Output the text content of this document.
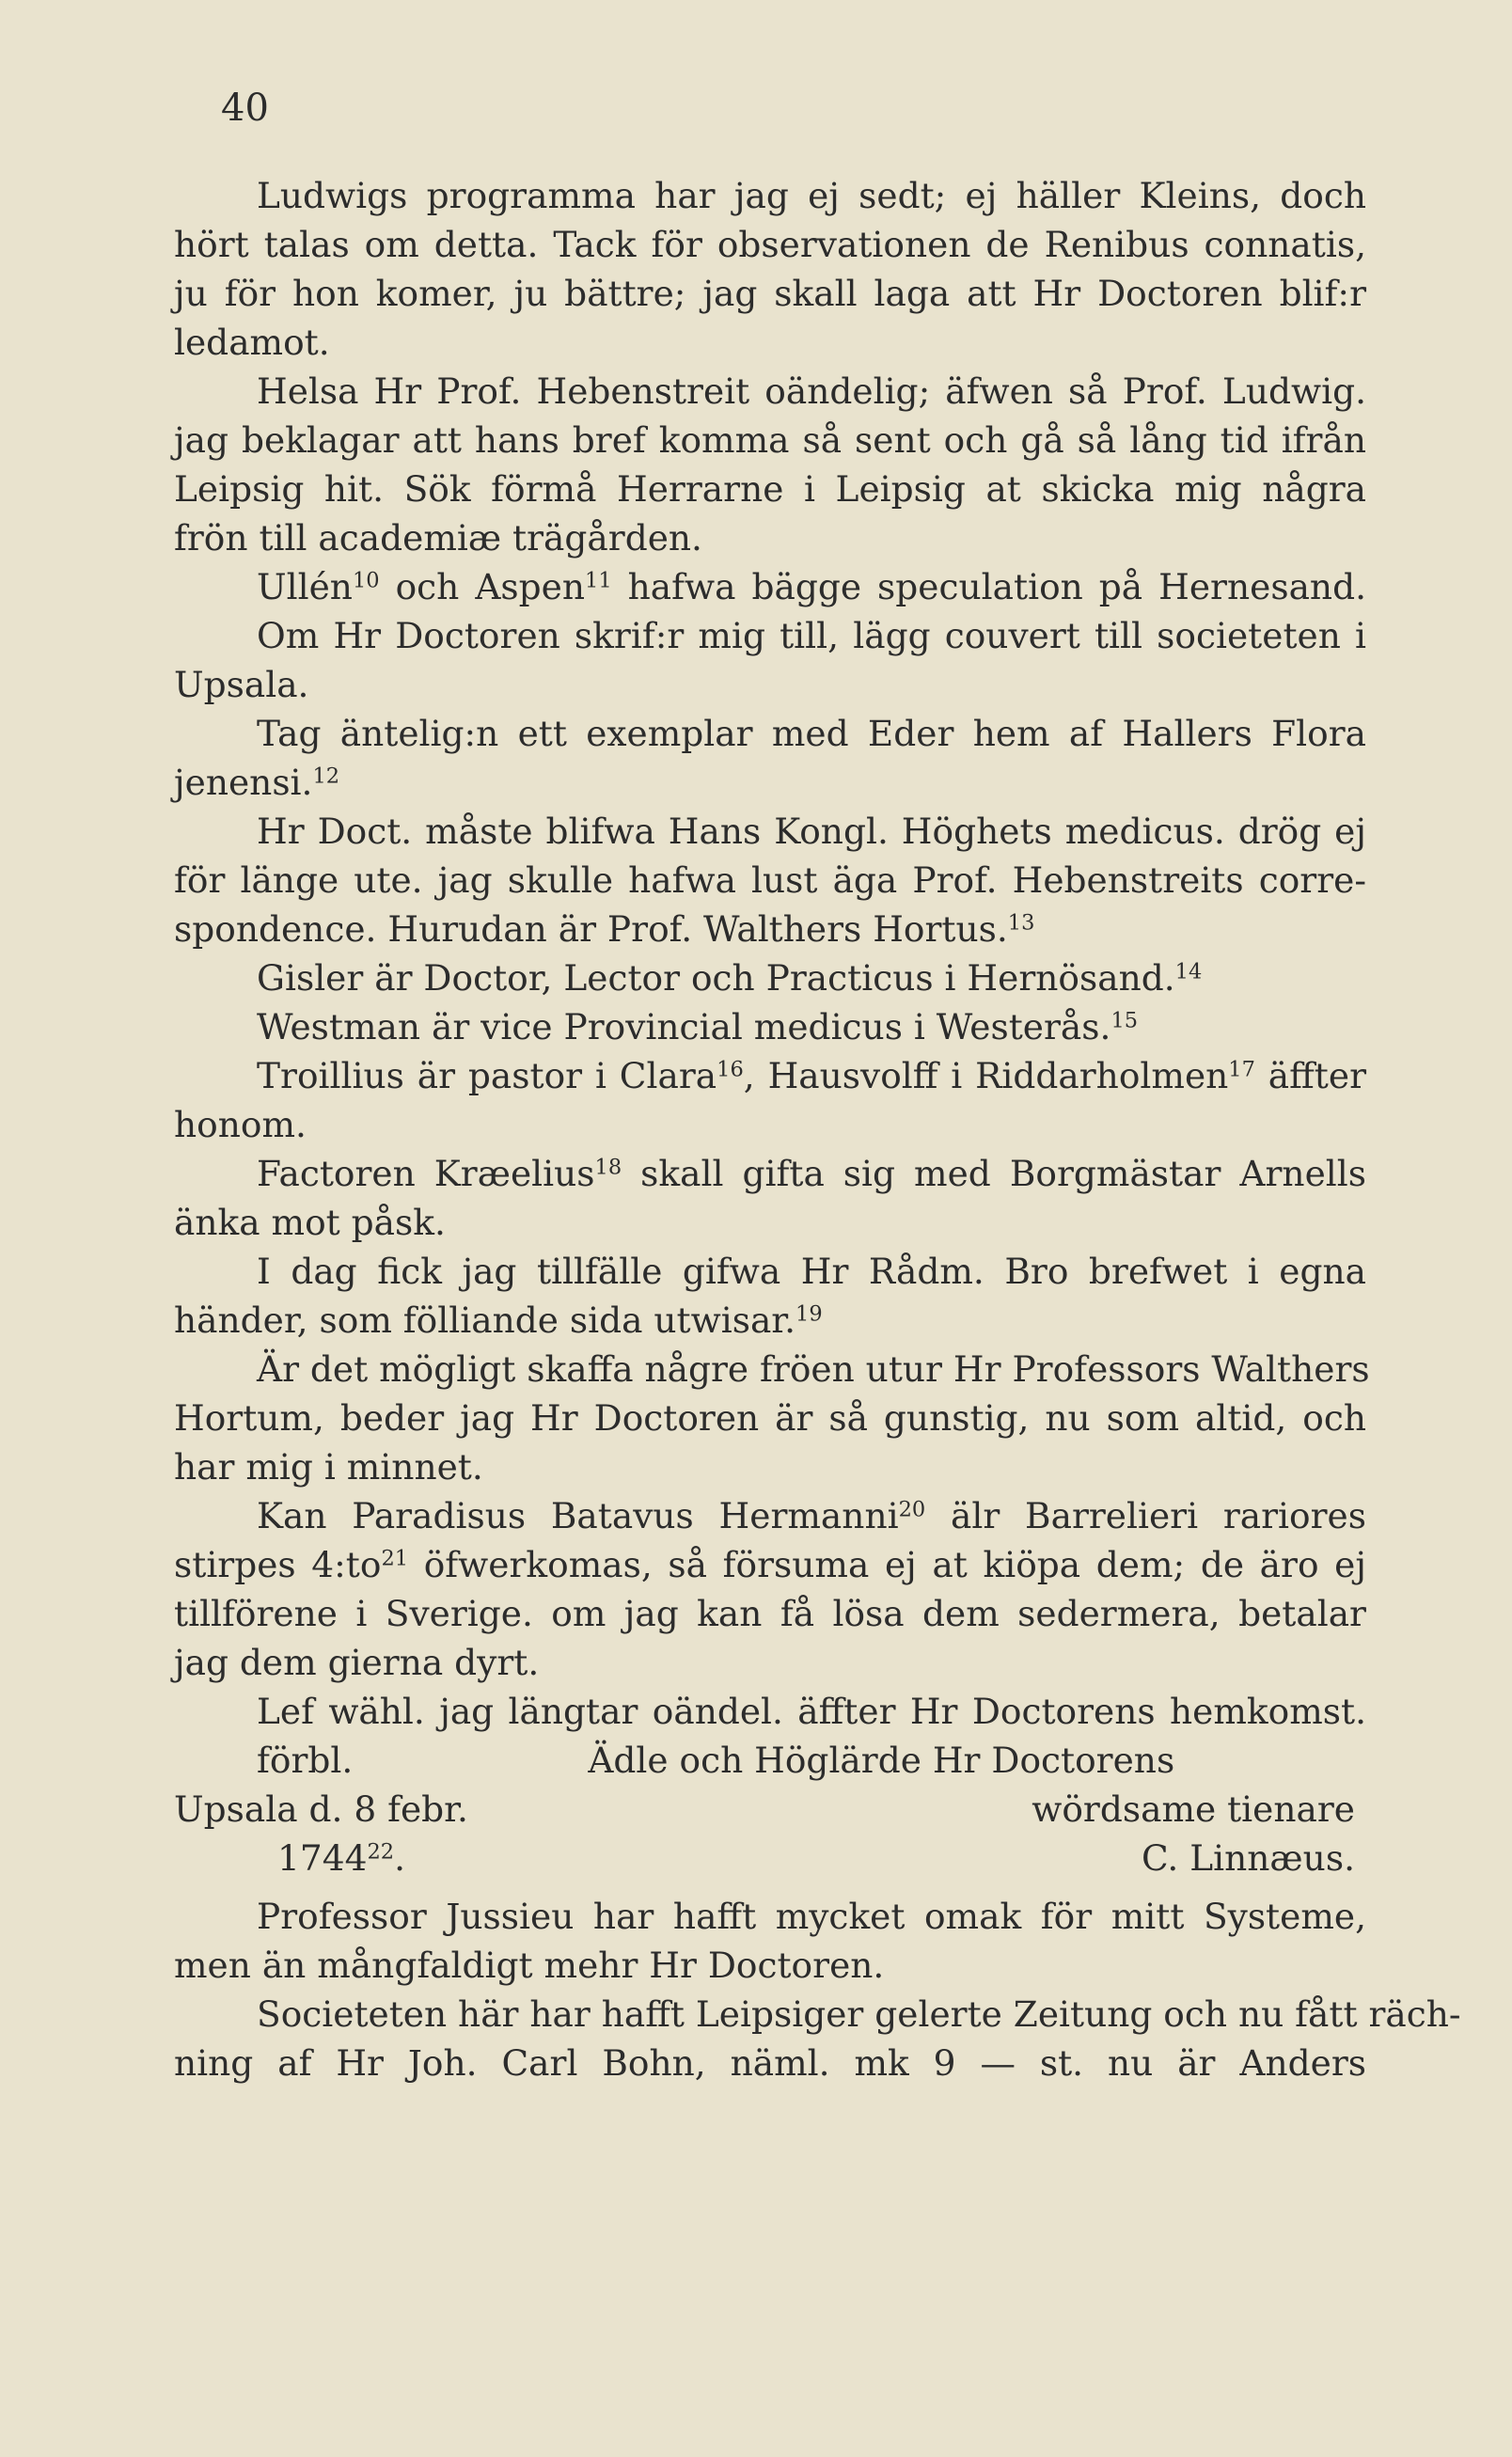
40
Ludwigs programma har jag ej sedt; ej häller Kleins, doch
hört talas om detta. Tack för observationen de Renibus connatis,
ju för hon komer, ju bättre; jag skall laga att Hr Doctoren blif:r
ledamot.
Helsa Hr Prof. Hebenstreit oändelig; äfwen så Prof. Ludwig.
jag beklagar att hans bref komma så sent och gå så lång tid ifrån
Leipsig hit. Sök förmå Herrarne i Leipsig at skicka mig några
frön till academiæ trägården.
Ullén$^{10}$ och Aspen$^{11}$ hafwa bägge speculation på Hernesand.
Om Hr Doctoren skrif:r mig till, lägg couvert till societeten i
Upsala.
Tag äntelig:n ett exemplar med Eder hem af Hallers Flora
jenensi.$^{12}$
Hr Doct. måste blifwa Hans Kongl. Höghets medicus. drög ej
för länge ute. jag skulle hafwa lust äga Prof. Hebenstreits corre-
spondence. Hurudan är Prof. Walthers Hortus.$^{13}$
Gisler är Doctor, Lector och Practicus i Hernösand.$^{14}$
Westman är vice Provincial medicus i Westerås.$^{15}$
Troillius är pastor i Clara$^{16}$, Hausvolff i Riddarholmen$^{17}$ äffter
honom.
Factoren Kræelius$^{18}$ skall gifta sig med Borgmästar Arnells
änka mot påsk.
I dag fick jag tillfälle gifwa Hr Rådm. Bro brefwet i egna
händer, som fölliande sida utwisar.$^{19}$
Är det mögligt skaffa någre fröen utur Hr Professors Walthers
Hortum, beder jag Hr Doctoren är så gunstig, nu som altid, och
har mig i minnet.
Kan Paradisus Batavus Hermanni$^{20}$ älr Barrelieri rariores
stirpes $4:to^{21}$ öfwerkomas, så försuma ej at kiöpa dem; de äro ej
tillförene i Sverige. om jag kan få lösa dem sedermera, betalar
jag dem gierna dyrt.
Lef wähl. jag längtar oändel. äffter Hr Doctorens hemkomst.
förbl.	Ädle och Höglärde Hr Doctorens
Upsala d. 8 febr.	wördsame tienare
1744$^{22}$.	C. Linnæus.
Professor Jussieu har hafft mycket omak för mitt Systeme,
men än mångfaldigt mehr Hr Doctoren.
Societeten här har hafft Leipsiger gelerte Zeitung och nu fått räch-
ning af Hr Joh. Carl Bohn, näml. mk 9 — st. nu är Anders
